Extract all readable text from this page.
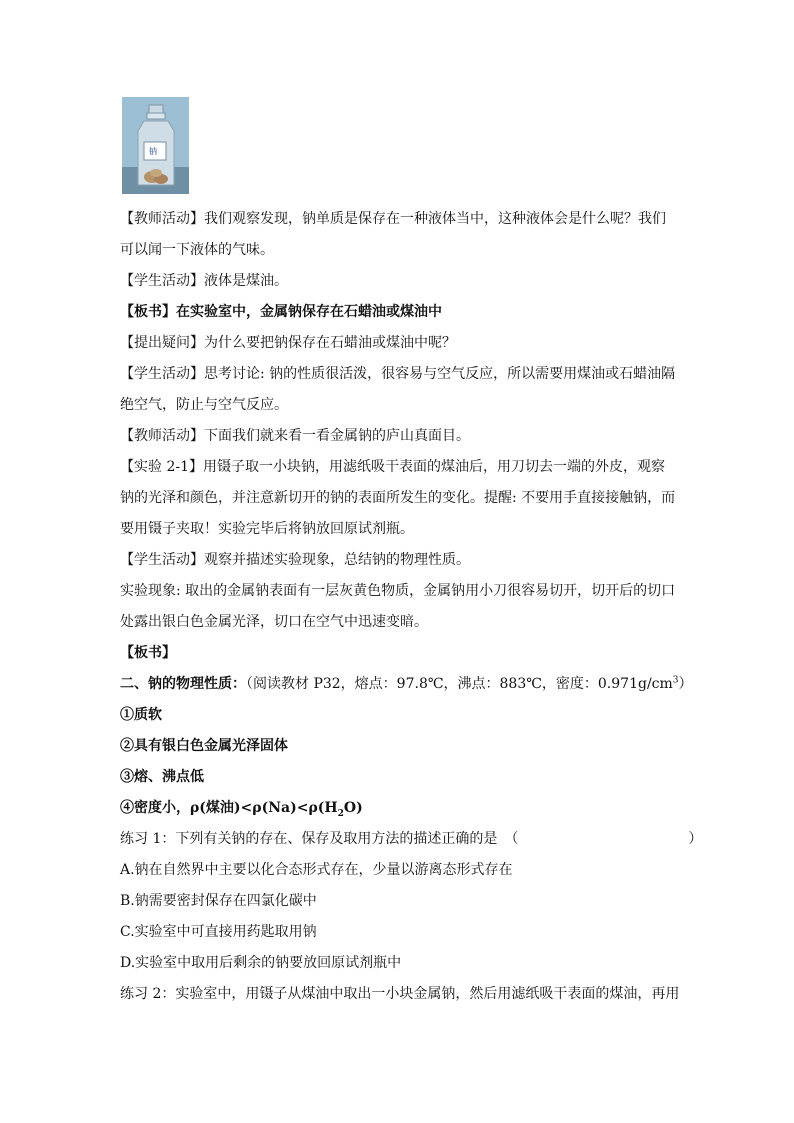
钠

【教师活动】我们观察发现，钠单质是保存在一种液体当中，这种液体会是什么呢？我们可以闻一下液体的气味。

【学生活动】液体是煤油。

【板书】在实验室中，金属钠保存在石蜡油或煤油中

【提出疑问】为什么要把钠保存在石蜡油或煤油中呢？

【学生活动】思考讨论: 钠的性质很活泼，很容易与空气反应，所以需要用煤油或石蜡油隔绝空气，防止与空气反应。

【教师活动】下面我们就来看一看金属钠的庐山真面目。

【实验 2-1】用镊子取一小块钠，用滤纸吸干表面的煤油后，用刀切去一端的外皮，观察钠的光泽和颜色，并注意新切开的钠的表面所发生的变化。提醒: 不要用手直接接触钠，而要用镊子夹取！实验完毕后将钠放回原试剂瓶。

【学生活动】观察并描述实验现象，总结钠的物理性质。

实验现象: 取出的金属钠表面有一层灰黄色物质，金属钠用小刀很容易切开，切开后的切口处露出银白色金属光泽，切口在空气中迅速变暗。

【板书】

二、钠的物理性质：（阅读教材 P32，熔点：97.8℃，沸点：883℃，密度：$0.971g/cm^3$）

①质软

②具有银白色金属光泽固体

③熔、沸点低

④密度小，ρ(煤油)$<\rho(Na)<\rho(H_2O)$

练习 1：下列有关钠的存在、保存及取用方法的描述正确的是　（	）

A.钠在自然界中主要以化合态形式存在，少量以游离态形式存在

B.钠需要密封保存在四氯化碳中

C.实验室中可直接用药匙取用钠

D.实验室中取用后剩余的钠要放回原试剂瓶中

练习 2：实验室中，用镊子从煤油中取出一小块金属钠，然后用滤纸吸干表面的煤油，再用
